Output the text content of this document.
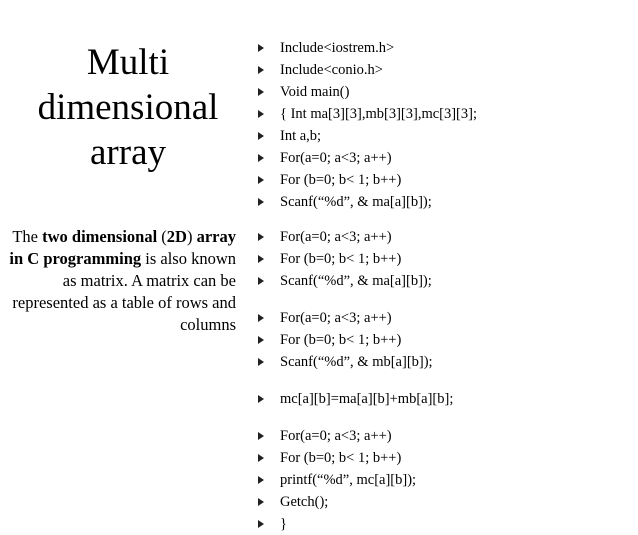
Multi
dimensional
array
The two dimensional (2D) array in C programming is also known as matrix. A matrix can be represented as a table of rows and columns
Include<iostrem.h>
Include<conio.h>
Void main()
{ Int ma[3][3],mb[3][3],mc[3][3];
Int a,b;
For(a=0; a<3; a++)
For (b=0; b< 1; b++)
Scanf(“%d”, & ma[a][b]);
For(a=0; a<3; a++)
For (b=0; b< 1; b++)
Scanf(“%d”, & ma[a][b]);
For(a=0; a<3; a++)
For (b=0; b< 1; b++)
Scanf(“%d”, & mb[a][b]);
mc[a][b]=ma[a][b]+mb[a][b];
For(a=0; a<3; a++)
For (b=0; b< 1; b++)
printf(“%d”, mc[a][b]);
Getch();
}
